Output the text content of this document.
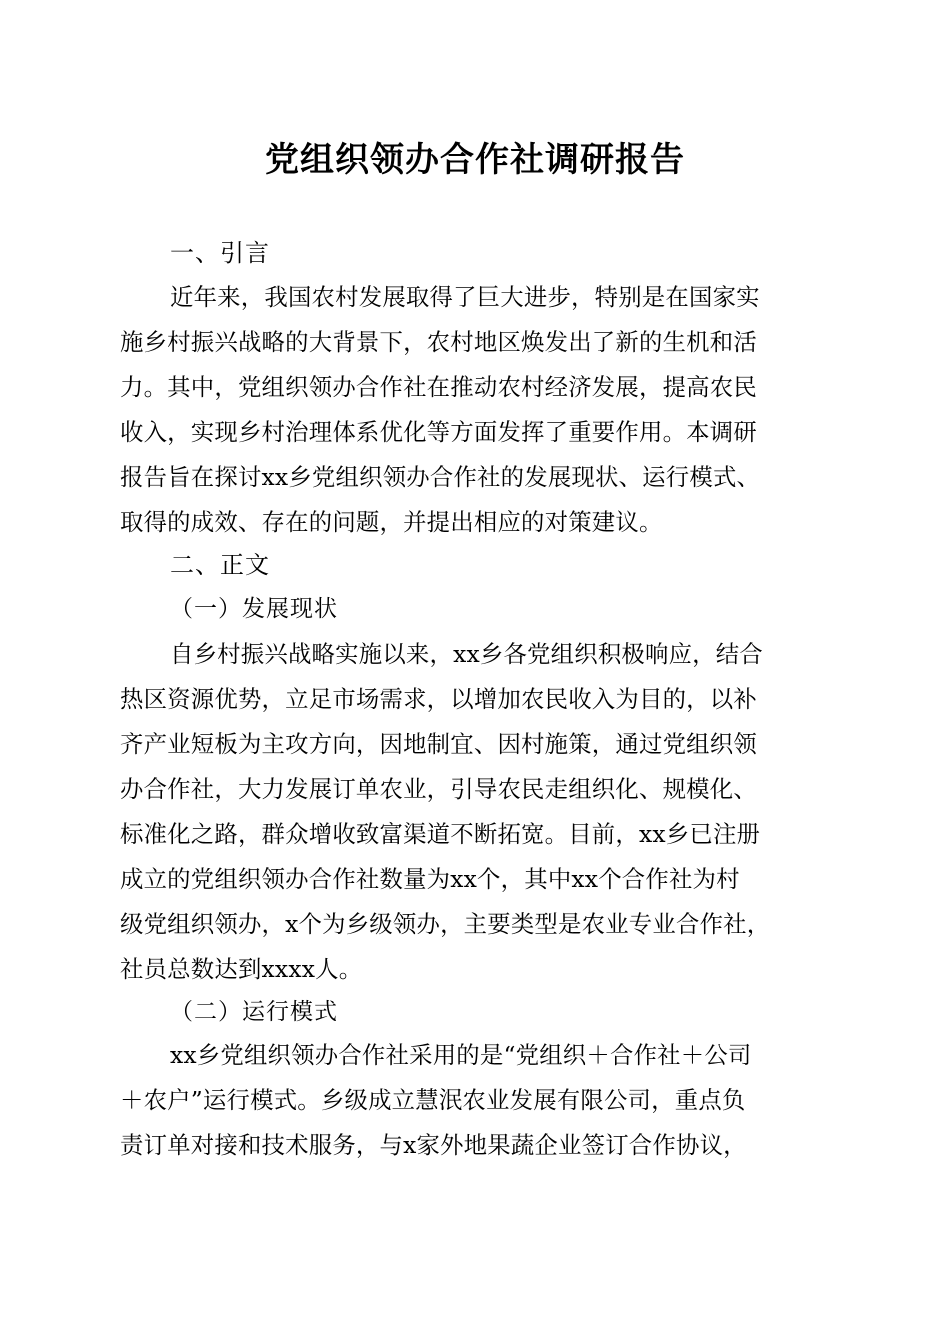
党组织领办合作社调研报告
一、引言
近年来，我国农村发展取得了巨大进步，特别是在国家实
施乡村振兴战略的大背景下，农村地区焕发出了新的生机和活
力。其中，党组织领办合作社在推动农村经济发展，提高农民
收入，实现乡村治理体系优化等方面发挥了重要作用。本调研
报告旨在探讨xx乡党组织领办合作社的发展现状、运行模式、
取得的成效、存在的问题，并提出相应的对策建议。
二、正文
（一）发展现状
自乡村振兴战略实施以来，xx乡各党组织积极响应，结合
热区资源优势，立足市场需求，以增加农民收入为目的，以补
齐产业短板为主攻方向，因地制宜、因村施策，通过党组织领
办合作社，大力发展订单农业，引导农民走组织化、规模化、
标准化之路，群众增收致富渠道不断拓宽。目前，xx乡已注册
成立的党组织领办合作社数量为xx个，其中xx个合作社为村
级党组织领办，x个为乡级领办，主要类型是农业专业合作社，
社员总数达到xxxx人。
（二）运行模式
xx乡党组织领办合作社采用的是“党组织＋合作社＋公司
＋农户”运行模式。乡级成立慧泯农业发展有限公司，重点负
责订单对接和技术服务，与x家外地果蔬企业签订合作协议，
